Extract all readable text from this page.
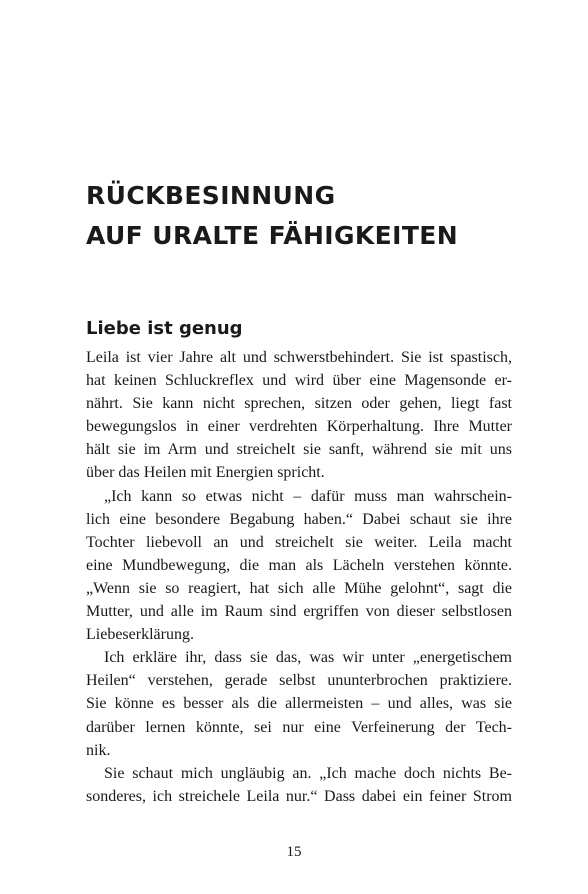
RÜCKBESINNUNG
AUF URALTE FÄHIGKEITEN
Liebe ist genug
Leila ist vier Jahre alt und schwerstbehindert. Sie ist spastisch,
hat keinen Schluckreflex und wird über eine Magensonde er-
nährt. Sie kann nicht sprechen, sitzen oder gehen, liegt fast
bewegungslos in einer verdrehten Körperhaltung. Ihre Mutter
hält sie im Arm und streichelt sie sanft, während sie mit uns
über das Heilen mit Energien spricht.
„Ich kann so etwas nicht – dafür muss man wahrschein-
lich eine besondere Begabung haben.“ Dabei schaut sie ihre
Tochter liebevoll an und streichelt sie weiter. Leila macht
eine Mundbewegung, die man als Lächeln verstehen könnte.
„Wenn sie so reagiert, hat sich alle Mühe gelohnt“, sagt die
Mutter, und alle im Raum sind ergriffen von dieser selbstlosen
Liebeserklärung.
Ich erkläre ihr, dass sie das, was wir unter „energetischem
Heilen“ verstehen, gerade selbst ununterbrochen praktiziere.
Sie könne es besser als die allermeisten – und alles, was sie
darüber lernen könnte, sei nur eine Verfeinerung der Tech-
nik.
Sie schaut mich ungläubig an. „Ich mache doch nichts Be-
sonderes, ich streichele Leila nur.“ Dass dabei ein feiner Strom
15
